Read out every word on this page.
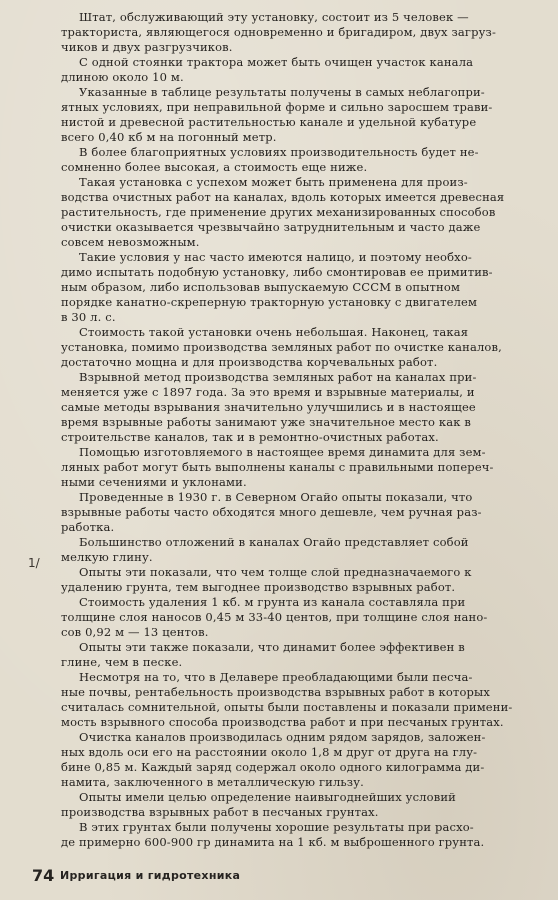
Штат, обслуживающий эту установку, состоит из 5 человек —
тракториста, являющегося одновременно и бригадиром, двух загруз-
чиков и двух разгрузчиков.

С одной стоянки трактора может быть очищен участок канала
длиною около 10 м.

Указанные в таблице результаты получены в самых неблагопри-
ятных условиях, при неправильной форме и сильно заросшем трави-
нистой и древесной растительностью канале и удельной кубатуре
всего 0,40 кб м на погонный метр.

В более благоприятных условиях производительность будет не-
сомненно более высокая, а стоимость еще ниже.

Такая установка с успехом может быть применена для произ-
водства очистных работ на каналах, вдоль которых имеется древесная
растительность, где применение других механизированных способов
очистки оказывается чрезвычайно затруднительным и часто даже
совсем невозможным.

Такие условия у нас часто имеются налицо, и поэтому необхо-
димо испытать подобную установку, либо смонтировав ее примитив-
ным образом, либо использовав выпускаемую СССМ в опытном
порядке канатно-скреперную тракторную установку с двигателем
в 30 л. с.

Стоимость такой установки очень небольшая. Наконец, такая
установка, помимо производства земляных работ по очистке каналов,
достаточно мощна и для производства корчевальных работ.

Взрывной метод производства земляных работ на каналах при-
меняется уже с 1897 года. За это время и взрывные материалы, и
самые методы взрывания значительно улучшились и в настоящее
время взрывные работы занимают уже значительное место как в
строительстве каналов, так и в ремонтно-очистных работах.

Помощью изготовляемого в настоящее время динамита для зем-
ляных работ могут быть выполнены каналы с правильными попереч-
ными сечениями и уклонами.

Проведенные в 1930 г. в Северном Огайо опыты показали, что
взрывные работы часто обходятся много дешевле, чем ручная раз-
работка.

Большинство отложений в каналах Огайо представляет собой
мелкую глину.

Опыты эти показали, что чем толще слой предназначаемого к
удалению грунта, тем выгоднее производство взрывных работ.

Стоимость удаления 1 кб. м грунта из канала составляла при
толщине слоя наносов 0,45 м 33-40 центов, при толщине слоя нано-
сов 0,92 м — 13 центов.

Опыты эти также показали, что динамит более эффективен в
глине, чем в песке.

Несмотря на то, что в Делавере преобладающими были песча-
ные почвы, рентабельность производства взрывных работ в которых
считалась сомнительной, опыты были поставлены и показали примени-
мость взрывного способа производства работ и при песчаных грунтах.

Очистка каналов производилась одним рядом зарядов, заложен-
ных вдоль оси его на расстоянии около 1,8 м друг от друга на глу-
бине 0,85 м. Каждый заряд содержал около одного килограмма ди-
намита, заключенного в металлическую гильзу.

Опыты имели целью определение наивыгоднейших условий
производства взрывных работ в песчаных грунтах.

В этих грунтах были получены хорошие результаты при расхо-
де примерно 600-900 гр динамита на 1 кб. м выброшенного грунта.

1/
74 Ирригация и гидротехника
